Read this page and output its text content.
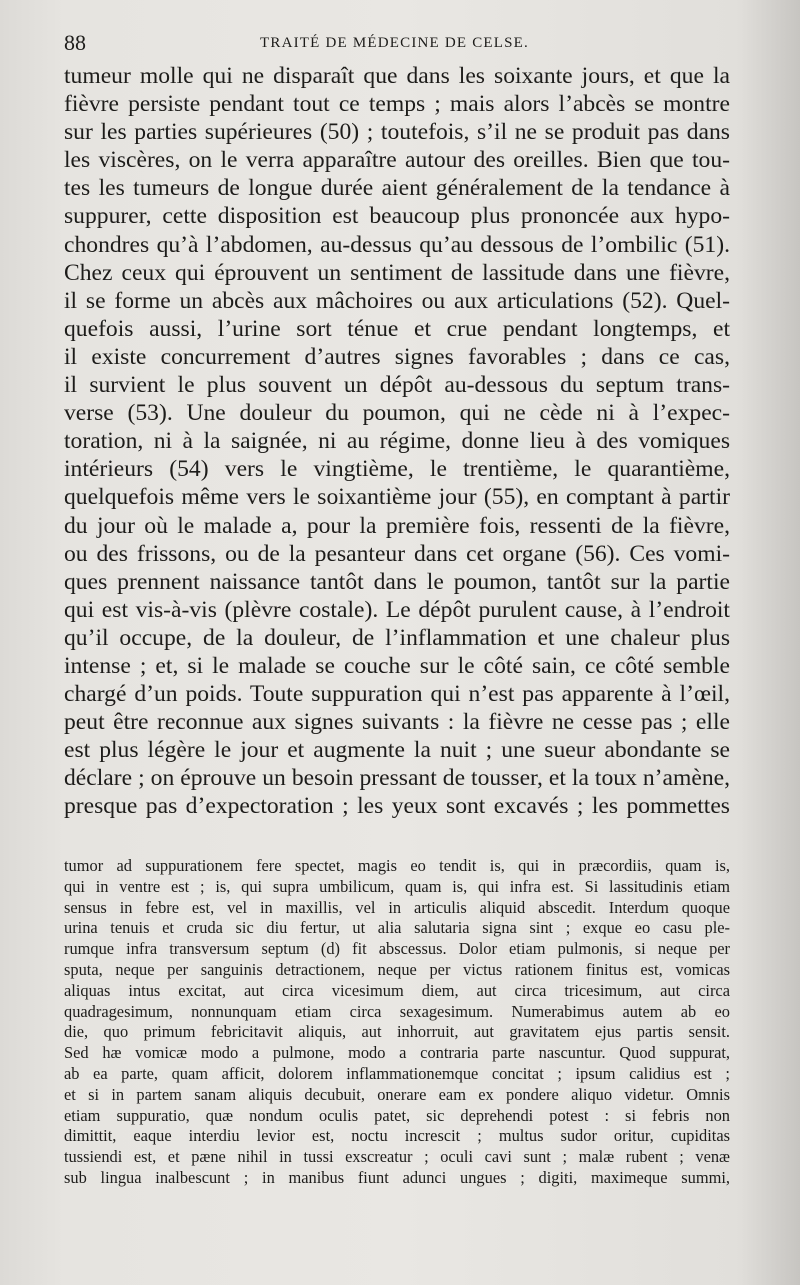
88	TRAITÉ DE MÉDECINE DE CELSE.
tumeur molle qui ne disparaît que dans les soixante jours, et que la
fièvre persiste pendant tout ce temps ; mais alors l’abcès se montre
sur les parties supérieures (50) ; toutefois, s’il ne se produit pas dans
les viscères, on le verra apparaître autour des oreilles. Bien que tou-
tes les tumeurs de longue durée aient généralement de la tendance à
suppurer, cette disposition est beaucoup plus prononcée aux hypo-
chondres qu’à l’abdomen, au-dessus qu’au dessous de l’ombilic (51).
Chez ceux qui éprouvent un sentiment de lassitude dans une fièvre,
il se forme un abcès aux mâchoires ou aux articulations (52). Quel-
quefois aussi, l’urine sort ténue et crue pendant longtemps, et
il existe concurrement d’autres signes favorables ; dans ce cas,
il survient le plus souvent un dépôt au-dessous du septum trans-
verse (53). Une douleur du poumon, qui ne cède ni à l’expec-
toration, ni à la saignée, ni au régime, donne lieu à des vomiques
intérieurs (54) vers le vingtième, le trentième, le quarantième,
quelquefois même vers le soixantième jour (55), en comptant à partir
du jour où le malade a, pour la première fois, ressenti de la fièvre,
ou des frissons, ou de la pesanteur dans cet organe (56). Ces vomi-
ques prennent naissance tantôt dans le poumon, tantôt sur la partie
qui est vis-à-vis (plèvre costale). Le dépôt purulent cause, à l’endroit
qu’il occupe, de la douleur, de l’inflammation et une chaleur plus
intense ; et, si le malade se couche sur le côté sain, ce côté semble
chargé d’un poids. Toute suppuration qui n’est pas apparente à l’œil,
peut être reconnue aux signes suivants : la fièvre ne cesse pas ; elle
est plus légère le jour et augmente la nuit ; une sueur abondante se
déclare ; on éprouve un besoin pressant de tousser, et la toux n’amène,
presque pas d’expectoration ; les yeux sont excavés ; les pommettes
tumor ad suppurationem fere spectet, magis eo tendit is, qui in præcordiis, quam is,
qui in ventre est ; is, qui supra umbilicum, quam is, qui infra est. Si lassitudinis etiam
sensus in febre est, vel in maxillis, vel in articulis aliquid abscedit. Interdum quoque
urina tenuis et cruda sic diu fertur, ut alia salutaria signa sint ; exque eo casu ple-
rumque infra transversum septum (d) fit abscessus. Dolor etiam pulmonis, si neque per
sputa, neque per sanguinis detractionem, neque per victus rationem finitus est, vomicas
aliquas intus excitat, aut circa vicesimum diem, aut circa tricesimum, aut circa
quadragesimum, nonnunquam etiam circa sexagesimum. Numerabimus autem ab eo
die, quo primum febricitavit aliquis, aut inhorruit, aut gravitatem ejus partis sensit.
Sed hæ vomicæ modo a pulmone, modo a contraria parte nascuntur. Quod suppurat,
ab ea parte, quam afficit, dolorem inflammationemque concitat ; ipsum calidius est ;
et si in partem sanam aliquis decubuit, onerare eam ex pondere aliquo videtur. Omnis
etiam suppuratio, quæ nondum oculis patet, sic deprehendi potest : si febris non
dimittit, eaque interdiu levior est, noctu increscit ; multus sudor oritur, cupiditas
tussiendi est, et pæne nihil in tussi exscreatur ; oculi cavi sunt ; malæ rubent ; venæ
sub lingua inalbescunt ; in manibus fiunt adunci ungues ; digiti, maximeque summi,
